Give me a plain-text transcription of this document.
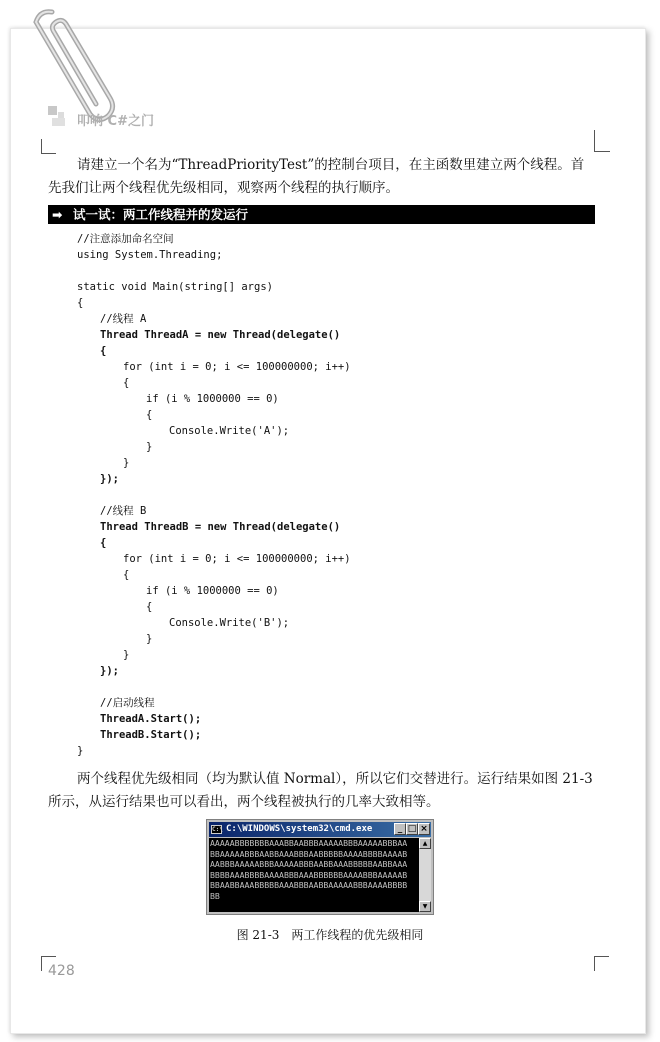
叩响 C#之门
请建立一个名为“ThreadPriorityTest”的控制台项目，在主函数里建立两个线程。首先我们让两个线程优先级相同，观察两个线程的执行顺序。
➡ 试一试：两工作线程并的发运行
//注意添加命名空间
using System.Threading;
static void Main(string[] args)
{
//线程 A
Thread ThreadA = new Thread(delegate()
{
for (int i = 0; i <= 100000000; i++)
{
if (i % 1000000 == 0)
{
Console.Write('A');
}
}
});
//线程 B
Thread ThreadB = new Thread(delegate()
{
for (int i = 0; i <= 100000000; i++)
{
if (i % 1000000 == 0)
{
Console.Write('B');
}
}
});
//启动线程
ThreadA.Start();
ThreadB.Start();
}
两个线程优先级相同（均为默认值 Normal），所以它们交替进行。运行结果如图 21-3 所示，从运行结果也可以看出，两个线程被执行的几率大致相等。
C:\ C:\WINDOWS\system32\cmd.exe	_ □ ×
AAAAABBBBBBBAAABBAABBBAAAAABBBAAAAABBBAA
BBAAAAABBBAABBAAABBBAABBBBBAAAABBBBAAAAB
AABBBAAAAABBBAAAAABBBAABBAAABBBBBAABBAAA
BBBBAAABBBBAAAABBBAAABBBBBBAAAABBBAAAAAB
BBAABBAAABBBBBAAABBBAABBAAAAABBBAAAABBBB
BB
▲
▼
图 21-3　两工作线程的优先级相同
428
